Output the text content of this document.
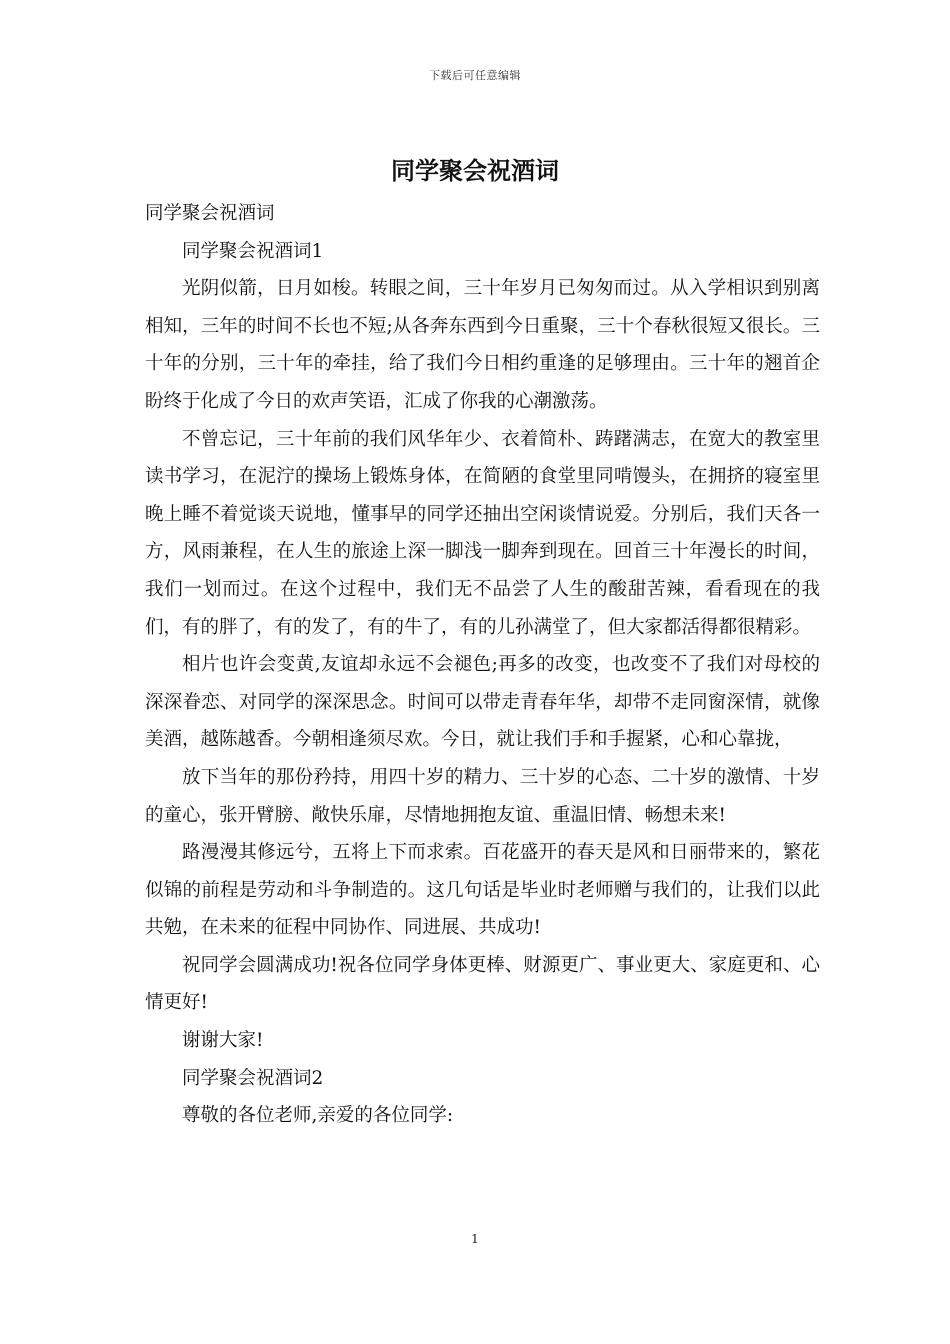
下载后可任意编辑
同学聚会祝酒词

同学聚会祝酒词

同学聚会祝酒词1

光阴似箭，日月如梭。转眼之间，三十年岁月已匆匆而过。从入学相识到别离相知，三年的时间不长也不短;从各奔东西到今日重聚，三十个春秋很短又很长。三十年的分别，三十年的牵挂，给了我们今日相约重逢的足够理由。三十年的翘首企盼终于化成了今日的欢声笑语，汇成了你我的心潮激荡。

不曾忘记，三十年前的我们风华年少、衣着简朴、踌躇满志，在宽大的教室里读书学习，在泥泞的操场上锻炼身体，在简陋的食堂里同啃馒头，在拥挤的寝室里晚上睡不着觉谈天说地，懂事早的同学还抽出空闲谈情说爱。分别后，我们天各一方，风雨兼程，在人生的旅途上深一脚浅一脚奔到现在。回首三十年漫长的时间，我们一划而过。在这个过程中，我们无不品尝了人生的酸甜苦辣，看看现在的我们，有的胖了，有的发了，有的牛了，有的儿孙满堂了，但大家都活得都很精彩。

相片也许会变黄,友谊却永远不会褪色;再多的改变，也改变不了我们对母校的深深眷恋、对同学的深深思念。时间可以带走青春年华，却带不走同窗深情，就像美酒，越陈越香。今朝相逢须尽欢。今日，就让我们手和手握紧，心和心靠拢，

放下当年的那份矜持，用四十岁的精力、三十岁的心态、二十岁的激情、十岁的童心，张开臂膀、敞快乐扉，尽情地拥抱友谊、重温旧情、畅想未来!

路漫漫其修远兮，五将上下而求索。百花盛开的春天是风和日丽带来的，繁花似锦的前程是劳动和斗争制造的。这几句话是毕业时老师赠与我们的，让我们以此共勉，在未来的征程中同协作、同进展、共成功!

祝同学会圆满成功!祝各位同学身体更棒、财源更广、事业更大、家庭更和、心情更好!

谢谢大家!

同学聚会祝酒词2

尊敬的各位老师,亲爱的各位同学:

1
